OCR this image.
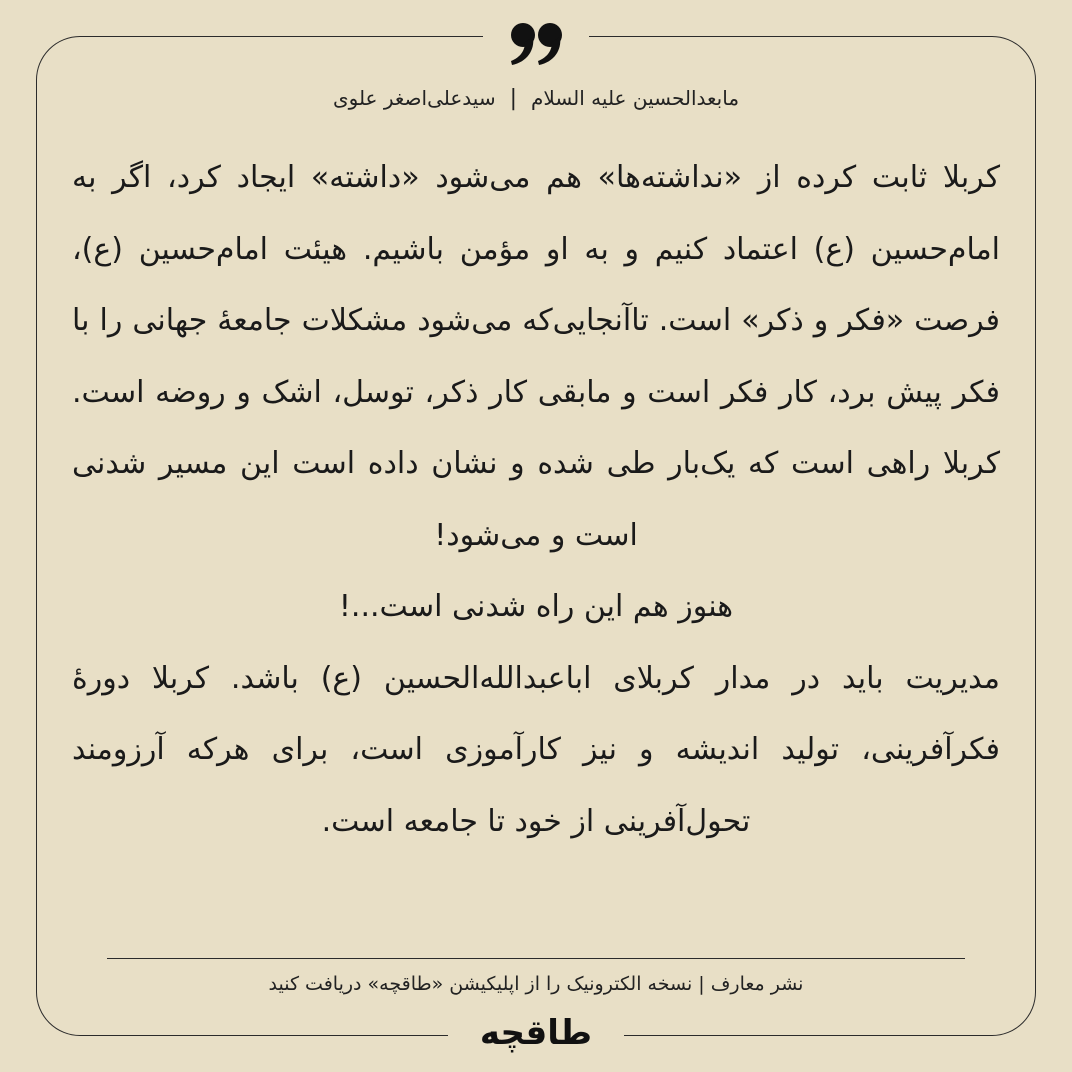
مابعدالحسین علیه السلام
|
سیدعلی‌اصغر علوی

کربلا ثابت کرده از «نداشته‌ها» هم می‌شود «داشته» ایجاد کرد، اگر به امام‌حسین (ع) اعتماد کنیم و به او مؤمن باشیم. هیئت امام‌حسین (ع)، فرصت «فکر و ذکر» است. تاآنجایی‌که می‌شود مشکلات جامعهٔ جهانی را با فکر پیش برد، کار فکر است و مابقی کار ذکر، توسل، اشک و روضه است. کربلا راهی است که یک‌بار طی شده و نشان داده است این مسیر شدنی است و می‌شود!

هنوز هم این راه شدنی است...!

مدیریت باید در مدار کربلای اباعبدالله‌الحسین (ع) باشد. کربلا دورهٔ فکرآفرینی، تولید اندیشه و نیز کارآموزی است، برای هرکه آرزومند تحول‌آفرینی از خود تا جامعه است.

نشر معارف | نسخه الکترونیک را از اپلیکیشن «طاقچه» دریافت کنید
طاقچه
